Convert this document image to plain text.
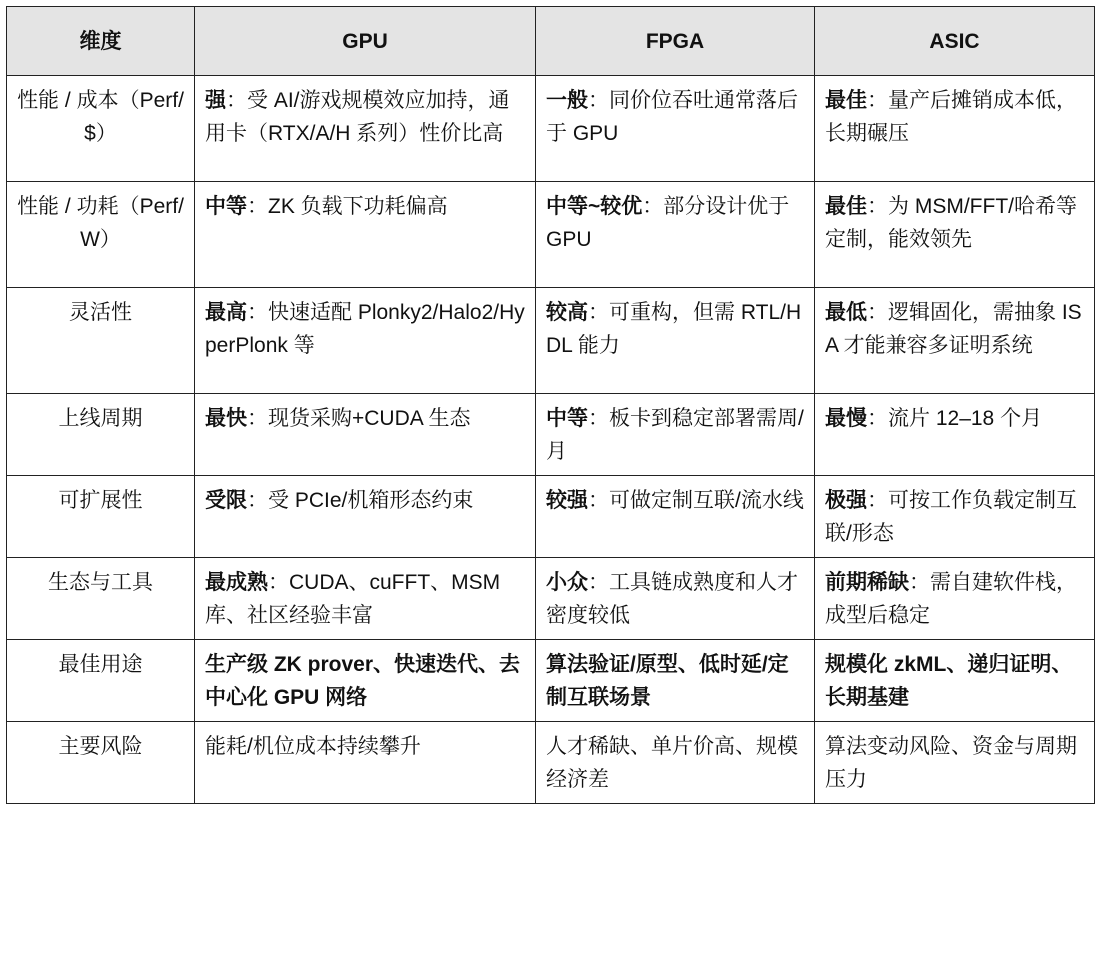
维度	GPU	FPGA	ASIC
性能 / 成本（Perf/$）	强：受 AI/游戏规模效应加持，通用卡（RTX/A/H 系列）性价比高	一般：同价位吞吐通常落后于 GPU	最佳：量产后摊销成本低，长期碾压
性能 / 功耗（Perf/W）	中等：ZK 负载下功耗偏高	中等~较优：部分设计优于 GPU	最佳：为 MSM/FFT/哈希等定制，能效领先
灵活性	最高：快速适配 Plonky2/Halo2/HyperPlonk 等	较高：可重构，但需 RTL/HDL 能力	最低：逻辑固化，需抽象 ISA 才能兼容多证明系统
上线周期	最快：现货采购+CUDA 生态	中等：板卡到稳定部署需周/月	最慢：流片 12–18 个月
可扩展性	受限：受 PCIe/机箱形态约束	较强：可做定制互联/流水线	极强：可按工作负载定制互联/形态
生态与工具	最成熟：CUDA、cuFFT、MSM 库、社区经验丰富	小众：工具链成熟度和人才密度较低	前期稀缺：需自建软件栈，成型后稳定
最佳用途	生产级 ZK prover、快速迭代、去中心化 GPU 网络	算法验证/原型、低时延/定制互联场景	规模化 zkML、递归证明、长期基建
主要风险	能耗/机位成本持续攀升	人才稀缺、单片价高、规模经济差	算法变动风险、资金与周期压力
